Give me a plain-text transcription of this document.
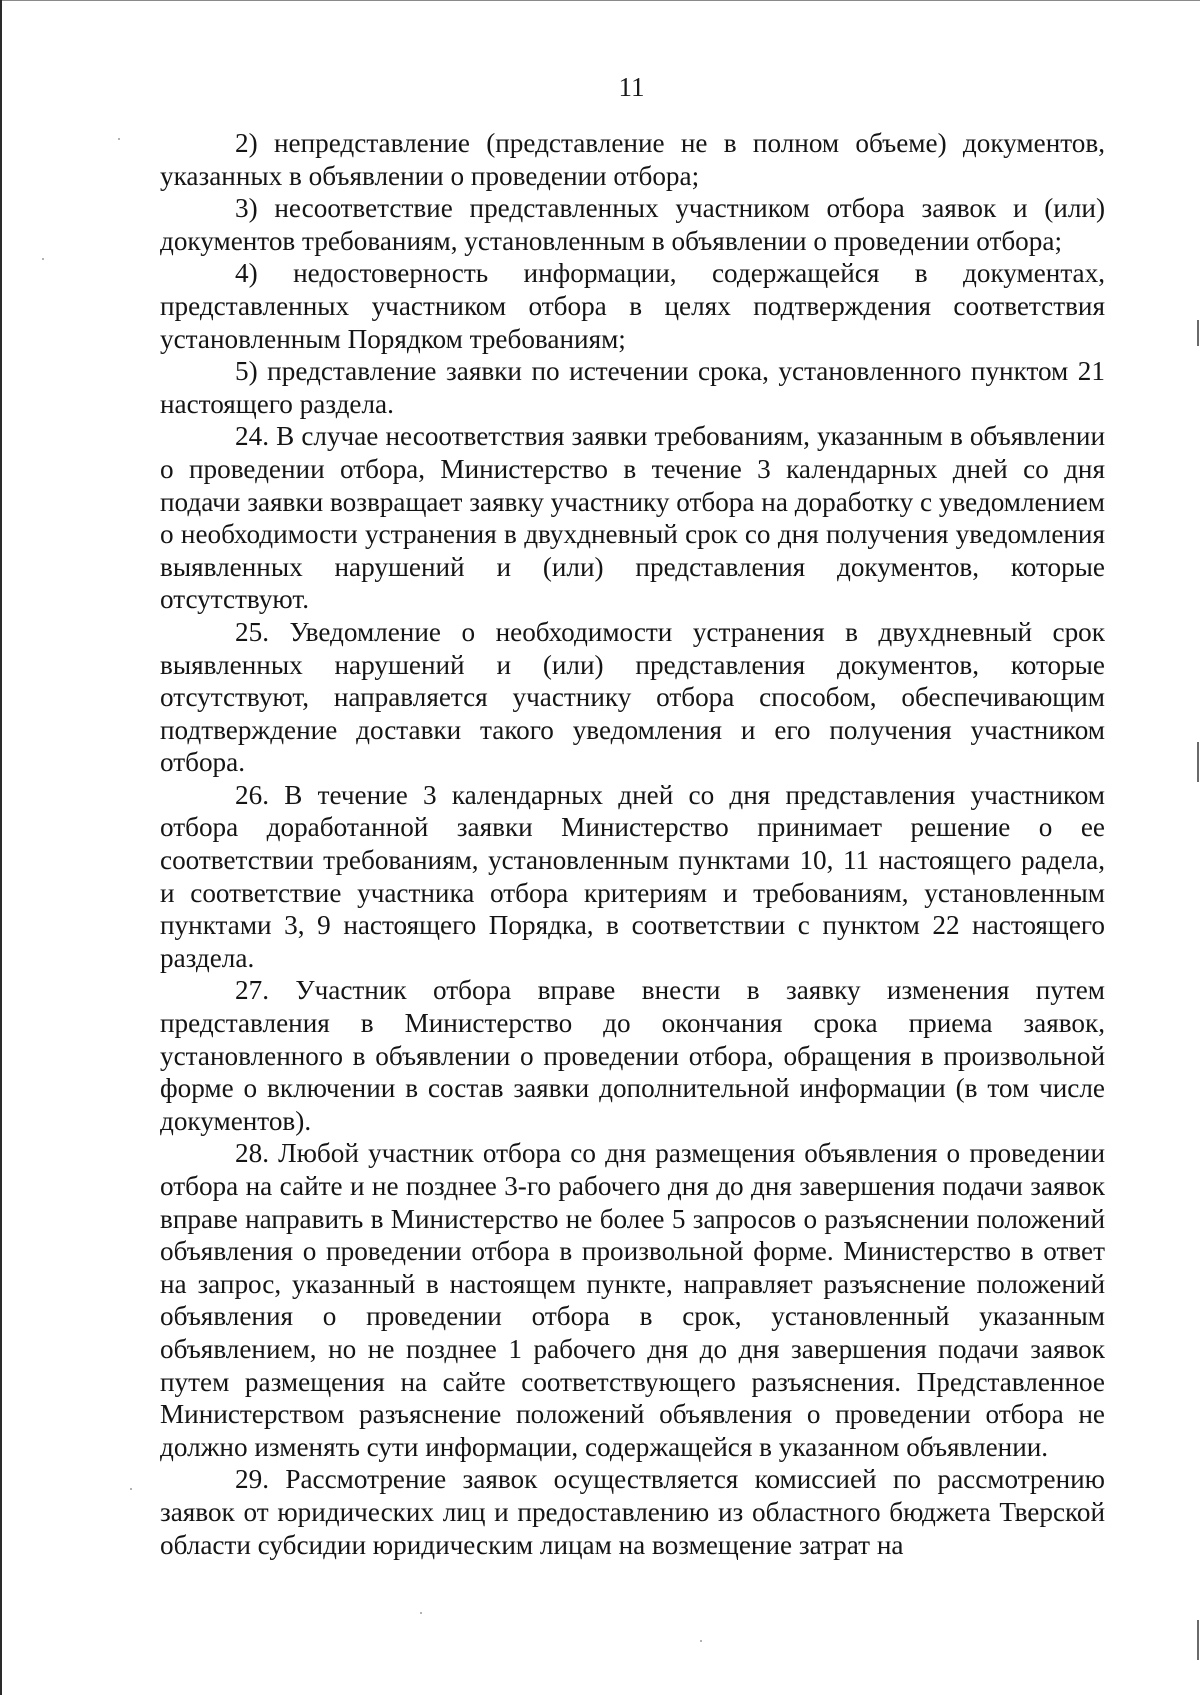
11

2) непредставление (представление не в полном объеме) документов, указанных в объявлении о проведении отбора;

3) несоответствие представленных участником отбора заявок и (или) документов требованиям, установленным в объявлении о проведении отбора;

4) недостоверность информации, содержащейся в документах, представленных участником отбора в целях подтверждения соответствия установленным Порядком требованиям;

5) представление заявки по истечении срока, установленного пунктом 21 настоящего раздела.

24. В случае несоответствия заявки требованиям, указанным в объявлении о проведении отбора, Министерство в течение 3 календарных дней со дня подачи заявки возвращает заявку участнику отбора на доработку с уведомлением о необходимости устранения в двухдневный срок со дня получения уведомления выявленных нарушений и (или) представления документов, которые отсутствуют.

25. Уведомление о необходимости устранения в двухдневный срок выявленных нарушений и (или) представления документов, которые отсутствуют, направляется участнику отбора способом, обеспечивающим подтверждение доставки такого уведомления и его получения участником отбора.

26. В течение 3 календарных дней со дня представления участником отбора доработанной заявки Министерство принимает решение о ее соответствии требованиям, установленным пунктами 10, 11 настоящего радела, и соответствие участника отбора критериям и требованиям, установленным пунктами 3, 9 настоящего Порядка, в соответствии с пунктом 22 настоящего раздела.

27. Участник отбора вправе внести в заявку изменения путем представления в Министерство до окончания срока приема заявок, установленного в объявлении о проведении отбора, обращения в произвольной форме о включении в состав заявки дополнительной информации (в том числе документов).

28. Любой участник отбора со дня размещения объявления о проведении отбора на сайте и не позднее 3-го рабочего дня до дня завершения подачи заявок вправе направить в Министерство не более 5 запросов о разъяснении положений объявления о проведении отбора в произвольной форме. Министерство в ответ на запрос, указанный в настоящем пункте, направляет разъяснение положений объявления о проведении отбора в срок, установленный указанным объявлением, но не позднее 1 рабочего дня до дня завершения подачи заявок путем размещения на сайте соответствующего разъяснения. Представленное Министерством разъяснение положений объявления о проведении отбора не должно изменять сути информации, содержащейся в указанном объявлении.

29. Рассмотрение заявок осуществляется комиссией по рассмотрению заявок от юридических лиц и предоставлению из областного бюджета Тверской области субсидии юридическим лицам на возмещение затрат на
